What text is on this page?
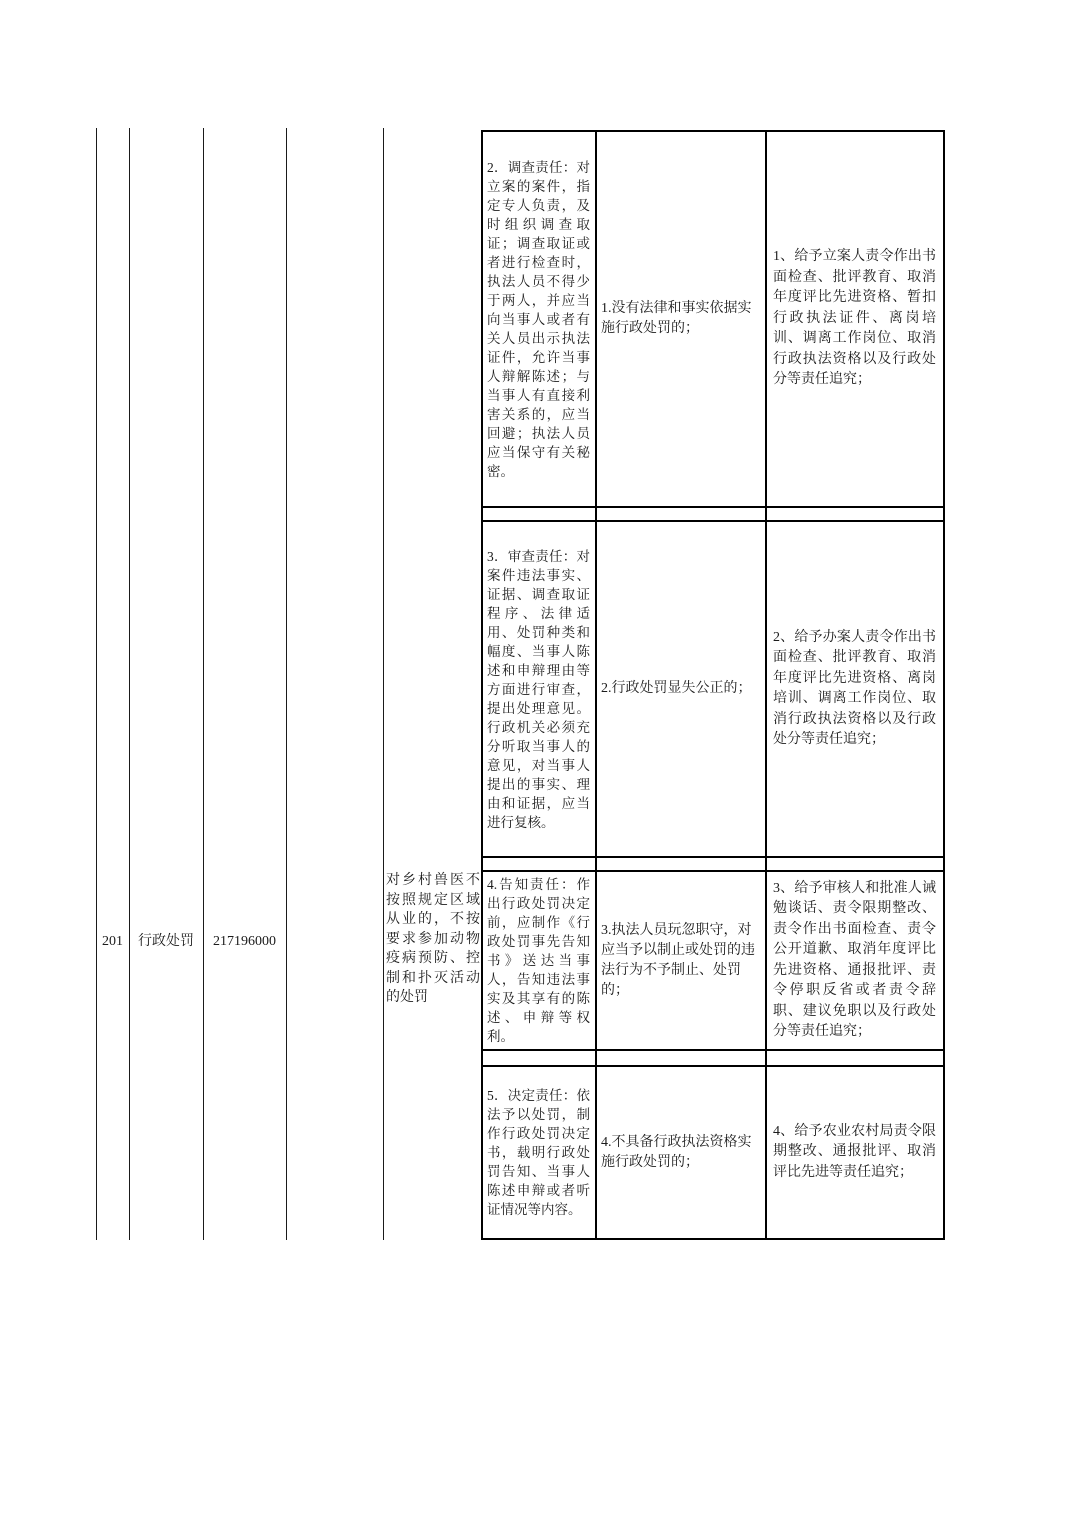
201	行政处罚	217196000
对乡村兽医不按照规定区域从业的，不按要求参加动物疫病预防、控制和扑灭活动的处罚
2．调查责任：对立案的案件，指定专人负责，及时组织调查取证；调查取证或者进行检查时，执法人员不得少于两人，并应当向当事人或者有关人员出示执法证件，允许当事人辩解陈述；与当事人有直接利害关系的，应当回避；执法人员应当保守有关秘密。
1.没有法律和事实依据实施行政处罚的；
1、给予立案人责令作出书面检查、批评教育、取消年度评比先进资格、暂扣行政执法证件、离岗培训、调离工作岗位、取消行政执法资格以及行政处分等责任追究；
3．审查责任：对案件违法事实、证据、调查取证程序、法律适用、处罚种类和幅度、当事人陈述和申辩理由等方面进行审查，提出处理意见。行政机关必须充分听取当事人的意见，对当事人提出的事实、理由和证据，应当进行复核。
2.行政处罚显失公正的；
2、给予办案人责令作出书面检查、批评教育、取消年度评比先进资格、离岗培训、调离工作岗位、取消行政执法资格以及行政处分等责任追究；
4.告知责任：作出行政处罚决定前，应制作《行政处罚事先告知书》送达当事人，告知违法事实及其享有的陈述、申辩等权利。
3.执法人员玩忽职守，对应当予以制止或处罚的违法行为不予制止、处罚的；
3、给予审核人和批准人诫勉谈话、责令限期整改、责令作出书面检查、责令公开道歉、取消年度评比先进资格、通报批评、责令停职反省或者责令辞职、建议免职以及行政处分等责任追究；
5．决定责任：依法予以处罚，制作行政处罚决定书，载明行政处罚告知、当事人陈述申辩或者听证情况等内容。
4.不具备行政执法资格实施行政处罚的；
4、给予农业农村局责令限期整改、通报批评、取消评比先进等责任追究；
